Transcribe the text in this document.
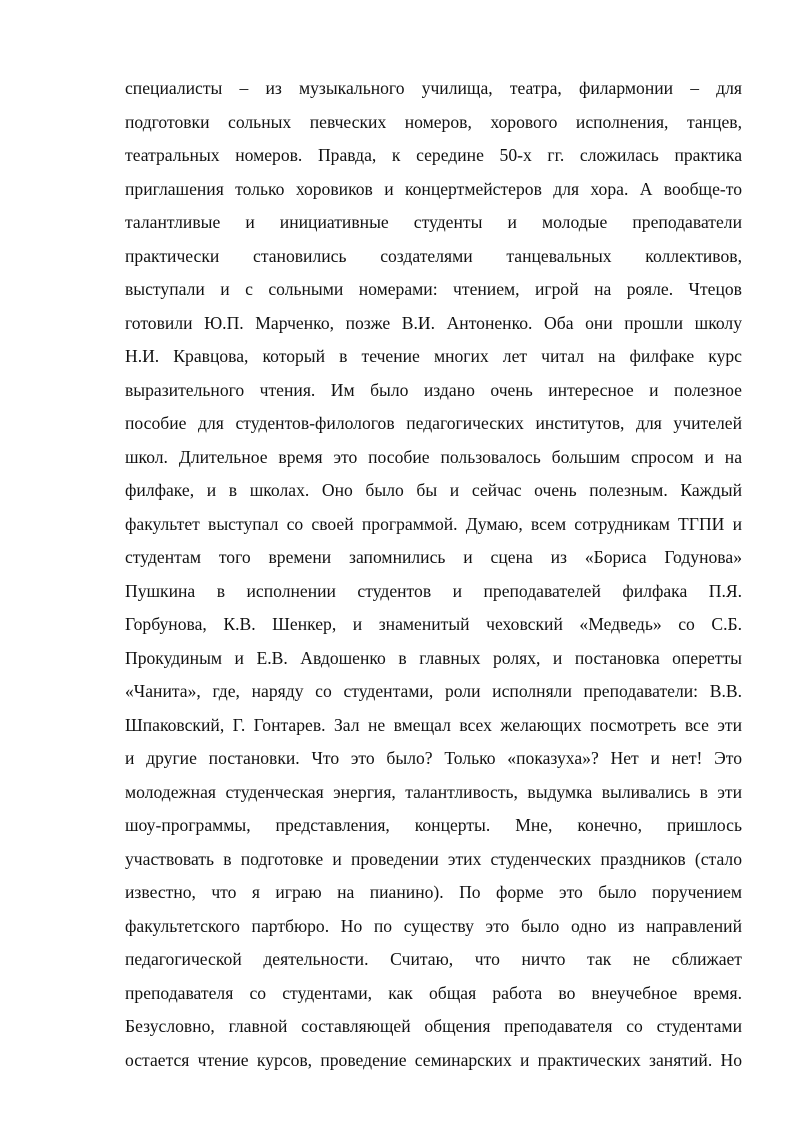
специалисты – из музыкального училища, театра, филармонии – для
подготовки сольных певческих номеров, хорового исполнения, танцев,
театральных номеров. Правда, к середине 50-х гг. сложилась практика
приглашения только хоровиков и концертмейстеров для хора. А вообще-то
талантливые и инициативные студенты и молодые преподаватели
практически становились создателями танцевальных коллективов,
выступали и с сольными номерами: чтением, игрой на рояле. Чтецов
готовили Ю.П. Марченко, позже В.И. Антоненко. Оба они прошли школу
Н.И. Кравцова, который в течение многих лет читал на филфаке курс
выразительного чтения. Им было издано очень интересное и полезное
пособие для студентов-филологов педагогических институтов, для учителей
школ. Длительное время это пособие пользовалось большим спросом и на
филфаке, и в школах. Оно было бы и сейчас очень полезным. Каждый
факультет выступал со своей программой. Думаю, всем сотрудникам ТГПИ и
студентам того времени запомнились и сцена из «Бориса Годунова»
Пушкина в исполнении студентов и преподавателей филфака П.Я.
Горбунова, К.В. Шенкер, и знаменитый чеховский «Медведь» со С.Б.
Прокудиным и Е.В. Авдошенко в главных ролях, и постановка оперетты
«Чанита», где, наряду со студентами, роли исполняли преподаватели: В.В.
Шпаковский, Г. Гонтарев. Зал не вмещал всех желающих посмотреть все эти
и другие постановки. Что это было? Только «показуха»? Нет и нет! Это
молодежная студенческая энергия, талантливость, выдумка выливались в эти
шоу-программы, представления, концерты. Мне, конечно, пришлось
участвовать в подготовке и проведении этих студенческих праздников (стало
известно, что я играю на пианино). По форме это было поручением
факультетского партбюро. Но по существу это было одно из направлений
педагогической деятельности. Считаю, что ничто так не сближает
преподавателя со студентами, как общая работа во внеучебное время.
Безусловно, главной составляющей общения преподавателя со студентами
остается чтение курсов, проведение семинарских и практических занятий. Но
